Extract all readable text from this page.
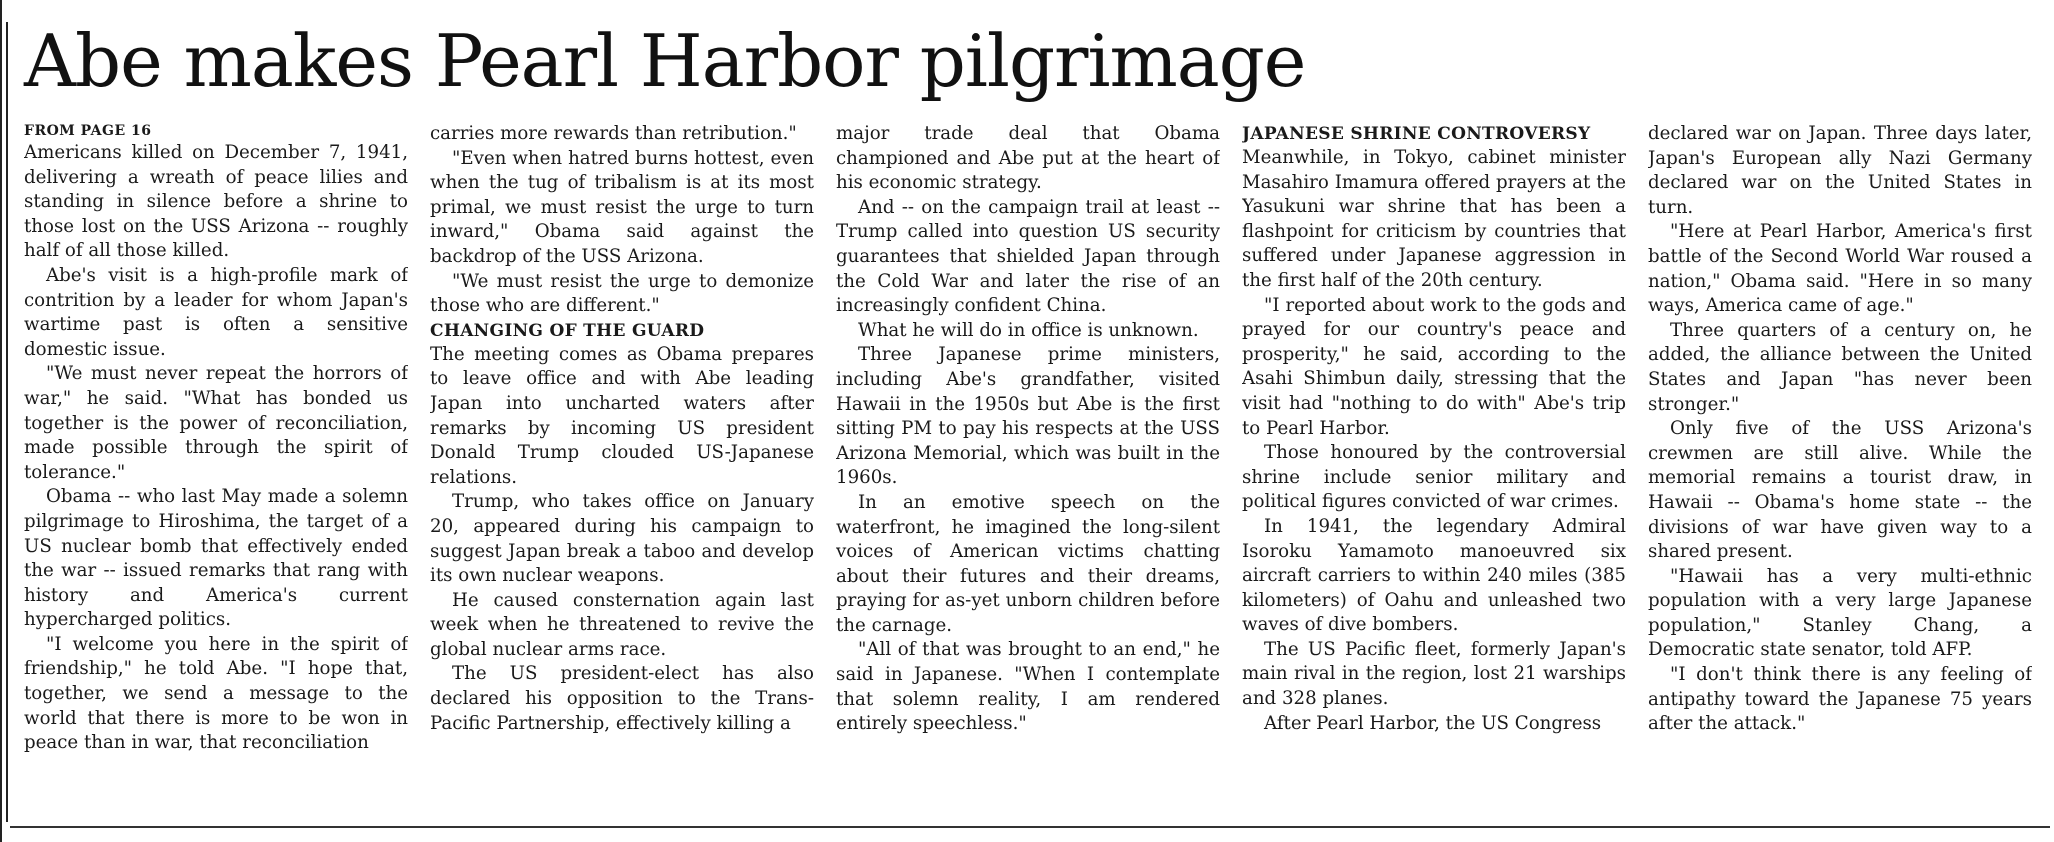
Abe makes Pearl Harbor pilgrimage
FROM PAGE 16

Americans killed on December 7, 1941, delivering a wreath of peace lilies and standing in silence before a shrine to those lost on the USS Arizona -- roughly half of all those killed.

Abe's visit is a high-profile mark of contrition by a leader for whom Japan's wartime past is often a sensitive domestic issue.

"We must never repeat the horrors of war," he said. "What has bonded us together is the power of reconciliation, made possible through the spirit of tolerance."

Obama -- who last May made a solemn pilgrimage to Hiroshima, the target of a US nuclear bomb that effectively ended the war -- issued remarks that rang with history and America's current hypercharged politics.

"I welcome you here in the spirit of friendship," he told Abe. "I hope that, together, we send a message to the world that there is more to be won in peace than in war, that reconciliation

carries more rewards than retribution."

"Even when hatred burns hottest, even when the tug of tribalism is at its most primal, we must resist the urge to turn inward," Obama said against the backdrop of the USS Arizona.

"We must resist the urge to demonize those who are different."

CHANGING OF THE GUARD

The meeting comes as Obama prepares to leave office and with Abe leading Japan into uncharted waters after remarks by incoming US president Donald Trump clouded US-Japanese relations.

Trump, who takes office on January 20, appeared during his campaign to suggest Japan break a taboo and develop its own nuclear weapons.

He caused consternation again last week when he threatened to revive the global nuclear arms race.

The US president-elect has also declared his opposition to the Trans-Pacific Partnership, effectively killing a

major trade deal that Obama championed and Abe put at the heart of his economic strategy.

And -- on the campaign trail at least -- Trump called into question US security guarantees that shielded Japan through the Cold War and later the rise of an increasingly confident China.

What he will do in office is unknown.

Three Japanese prime ministers, including Abe's grandfather, visited Hawaii in the 1950s but Abe is the first sitting PM to pay his respects at the USS Arizona Memorial, which was built in the 1960s.

In an emotive speech on the waterfront, he imagined the long-silent voices of American victims chatting about their futures and their dreams, praying for as-yet unborn children before the carnage.

"All of that was brought to an end," he said in Japanese. "When I contemplate that solemn reality, I am rendered entirely speechless."

JAPANESE SHRINE CONTROVERSY

Meanwhile, in Tokyo, cabinet minister Masahiro Imamura offered prayers at the Yasukuni war shrine that has been a flashpoint for criticism by countries that suffered under Japanese aggression in the first half of the 20th century.

"I reported about work to the gods and prayed for our country's peace and prosperity," he said, according to the Asahi Shimbun daily, stressing that the visit had "nothing to do with" Abe's trip to Pearl Harbor.

Those honoured by the controversial shrine include senior military and political figures convicted of war crimes.

In 1941, the legendary Admiral Isoroku Yamamoto manoeuvred six aircraft carriers to within 240 miles (385 kilometers) of Oahu and unleashed two waves of dive bombers.

The US Pacific fleet, formerly Japan's main rival in the region, lost 21 warships and 328 planes.

After Pearl Harbor, the US Congress

declared war on Japan. Three days later, Japan's European ally Nazi Germany declared war on the United States in turn.

"Here at Pearl Harbor, America's first battle of the Second World War roused a nation," Obama said. "Here in so many ways, America came of age."

Three quarters of a century on, he added, the alliance between the United States and Japan "has never been stronger."

Only five of the USS Arizona's crewmen are still alive. While the memorial remains a tourist draw, in Hawaii -- Obama's home state -- the divisions of war have given way to a shared present.

"Hawaii has a very multi-ethnic population with a very large Japanese population," Stanley Chang, a Democratic state senator, told AFP.

"I don't think there is any feeling of antipathy toward the Japanese 75 years after the attack."
